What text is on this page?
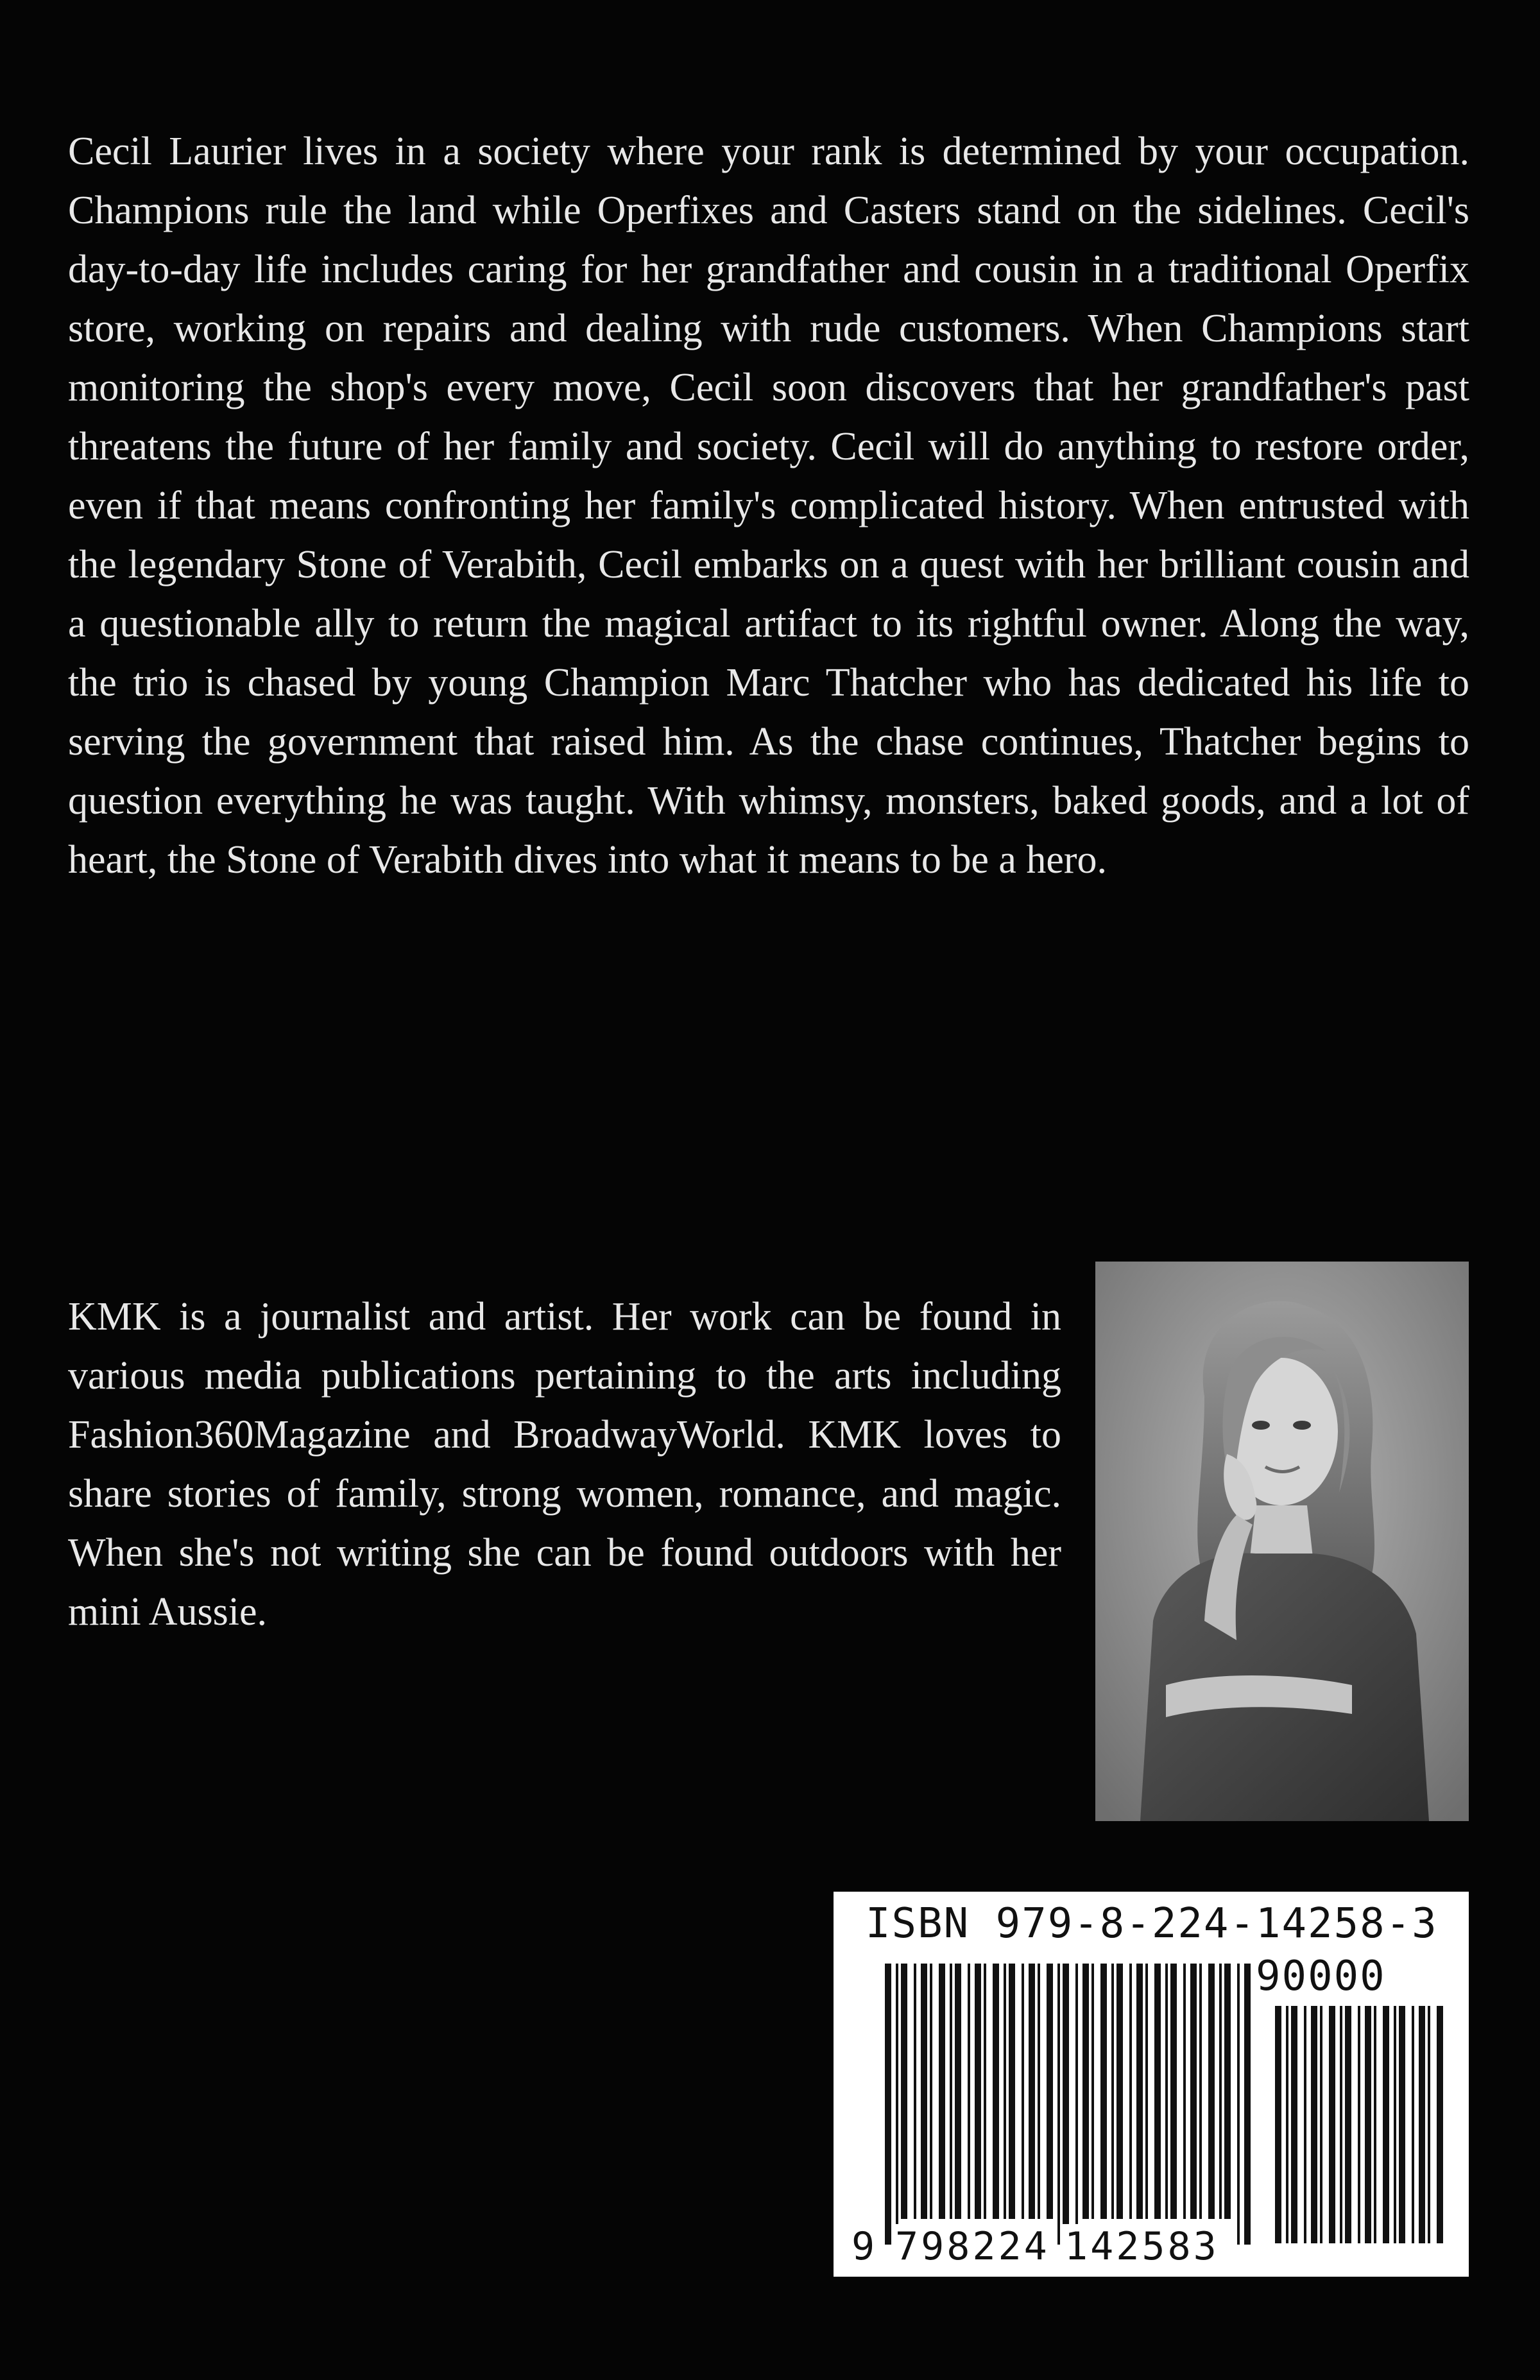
Cecil Laurier lives in a society where your rank is determined by your occupation. Champions rule the land while Operfixes and Casters stand on the sidelines. Cecil's day-to-day life includes caring for her grandfather and cousin in a traditional Operfix store, working on repairs and dealing with rude customers. When Champions start monitoring the shop's every move, Cecil soon discovers that her grandfather's past threatens the future of her family and society. Cecil will do anything to restore order, even if that means confronting her family's complicated history. When entrusted with the legendary Stone of Verabith, Cecil embarks on a quest with her brilliant cousin and a questionable ally to return the magical artifact to its rightful owner. Along the way, the trio is chased by young Champion Marc Thatcher who has dedicated his life to serving the government that raised him. As the chase continues, Thatcher begins to question everything he was taught. With whimsy, monsters, baked goods, and a lot of heart, the Stone of Verabith dives into what it means to be a hero.

KMK is a journalist and artist. Her work can be found in various media publications pertaining to the arts including Fashion360Magazine and BroadwayWorld. KMK loves to share stories of family, strong women, romance, and magic. When she's not writing she can be found outdoors with her mini Aussie.

ISBN 979-8-224-14258-3
90000
9 798224 142583
